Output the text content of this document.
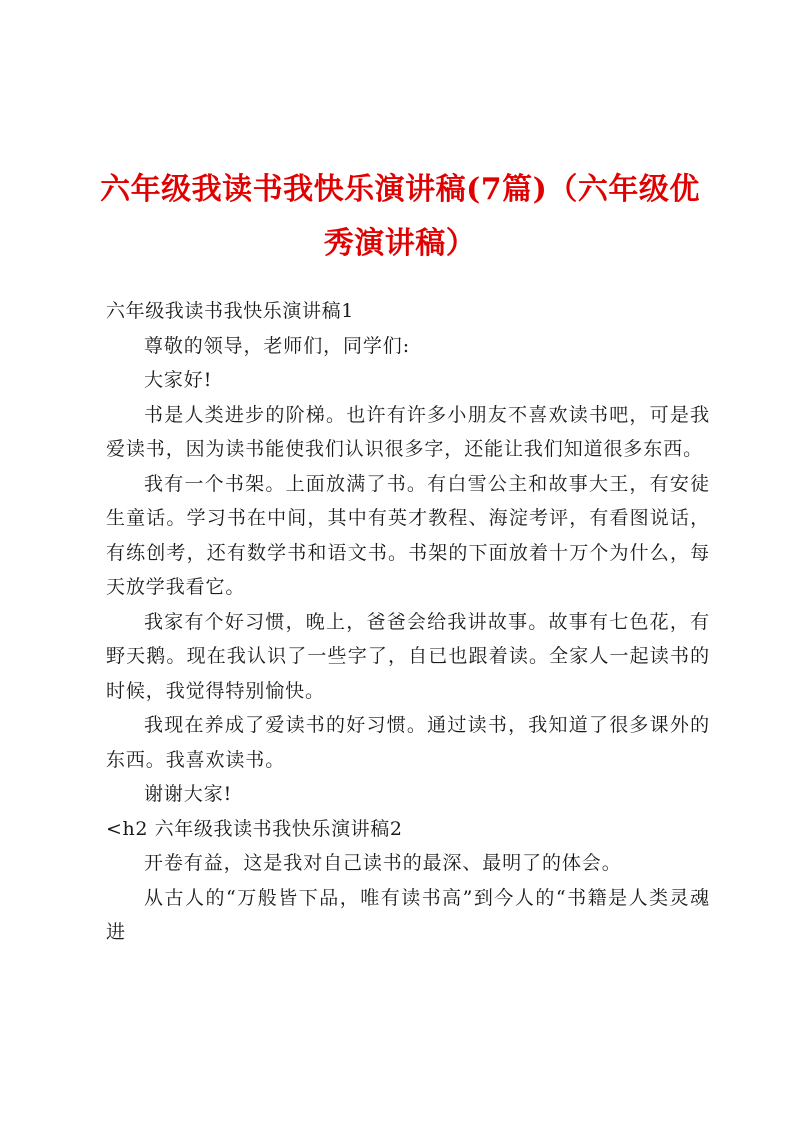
六年级我读书我快乐演讲稿(7篇)（六年级优秀演讲稿）

六年级我读书我快乐演讲稿1

尊敬的领导，老师们，同学们:

大家好!

书是人类进步的阶梯。也许有许多小朋友不喜欢读书吧，可是我爱读书，因为读书能使我们认识很多字，还能让我们知道很多东西。

我有一个书架。上面放满了书。有白雪公主和故事大王，有安徒生童话。学习书在中间，其中有英才教程、海淀考评，有看图说话，有练创考，还有数学书和语文书。书架的下面放着十万个为什么，每天放学我看它。

我家有个好习惯，晚上，爸爸会给我讲故事。故事有七色花，有野天鹅。现在我认识了一些字了，自已也跟着读。全家人一起读书的时候，我觉得特别愉快。

我现在养成了爱读书的好习惯。通过读书，我知道了很多课外的东西。我喜欢读书。

谢谢大家!

<h2 六年级我读书我快乐演讲稿2

开卷有益，这是我对自己读书的最深、最明了的体会。

从古人的“万般皆下品，唯有读书高”到今人的“书籍是人类灵魂进
